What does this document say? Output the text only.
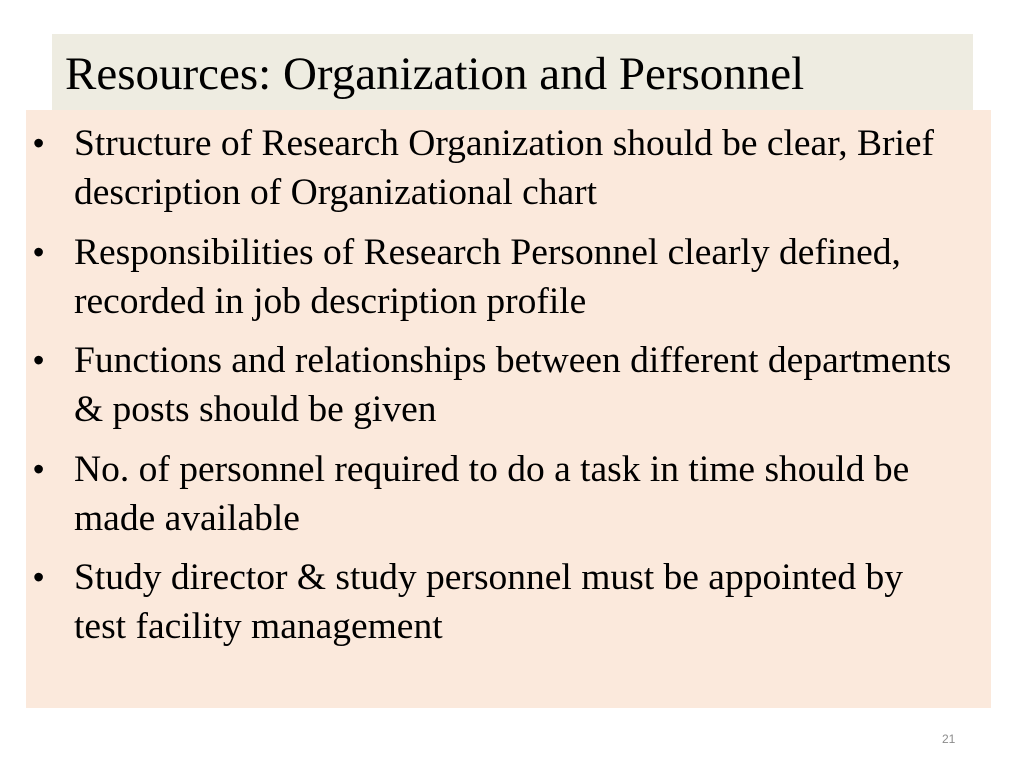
Resources: Organization and Personnel
• Structure of Research Organization should be clear, Brief description of Organizational chart
• Responsibilities of Research Personnel clearly defined, recorded in job description profile
• Functions and relationships between different departments & posts should be given
• No. of personnel required to do a task in time should be made available
• Study director & study personnel must be appointed by test facility management
21
